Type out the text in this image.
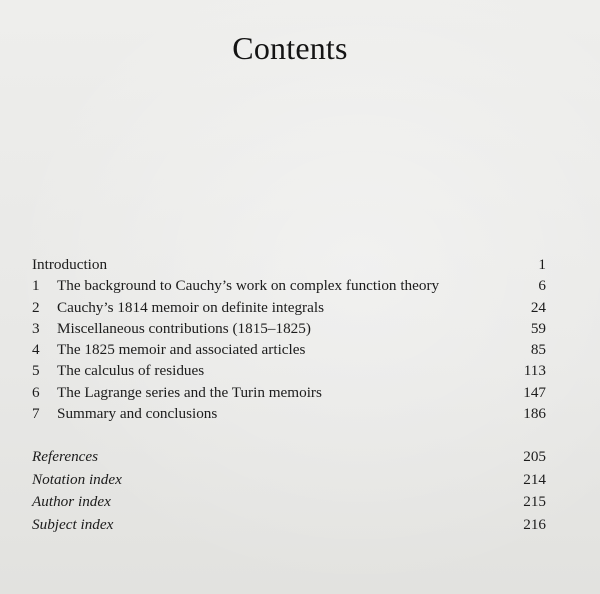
Contents
Introduction	1
1	The background to Cauchy’s work on complex function theory	6
2	Cauchy’s 1814 memoir on definite integrals	24
3	Miscellaneous contributions (1815–1825)	59
4	The 1825 memoir and associated articles	85
5	The calculus of residues	113
6	The Lagrange series and the Turin memoirs	147
7	Summary and conclusions	186
References	205
Notation index	214
Author index	215
Subject index	216
